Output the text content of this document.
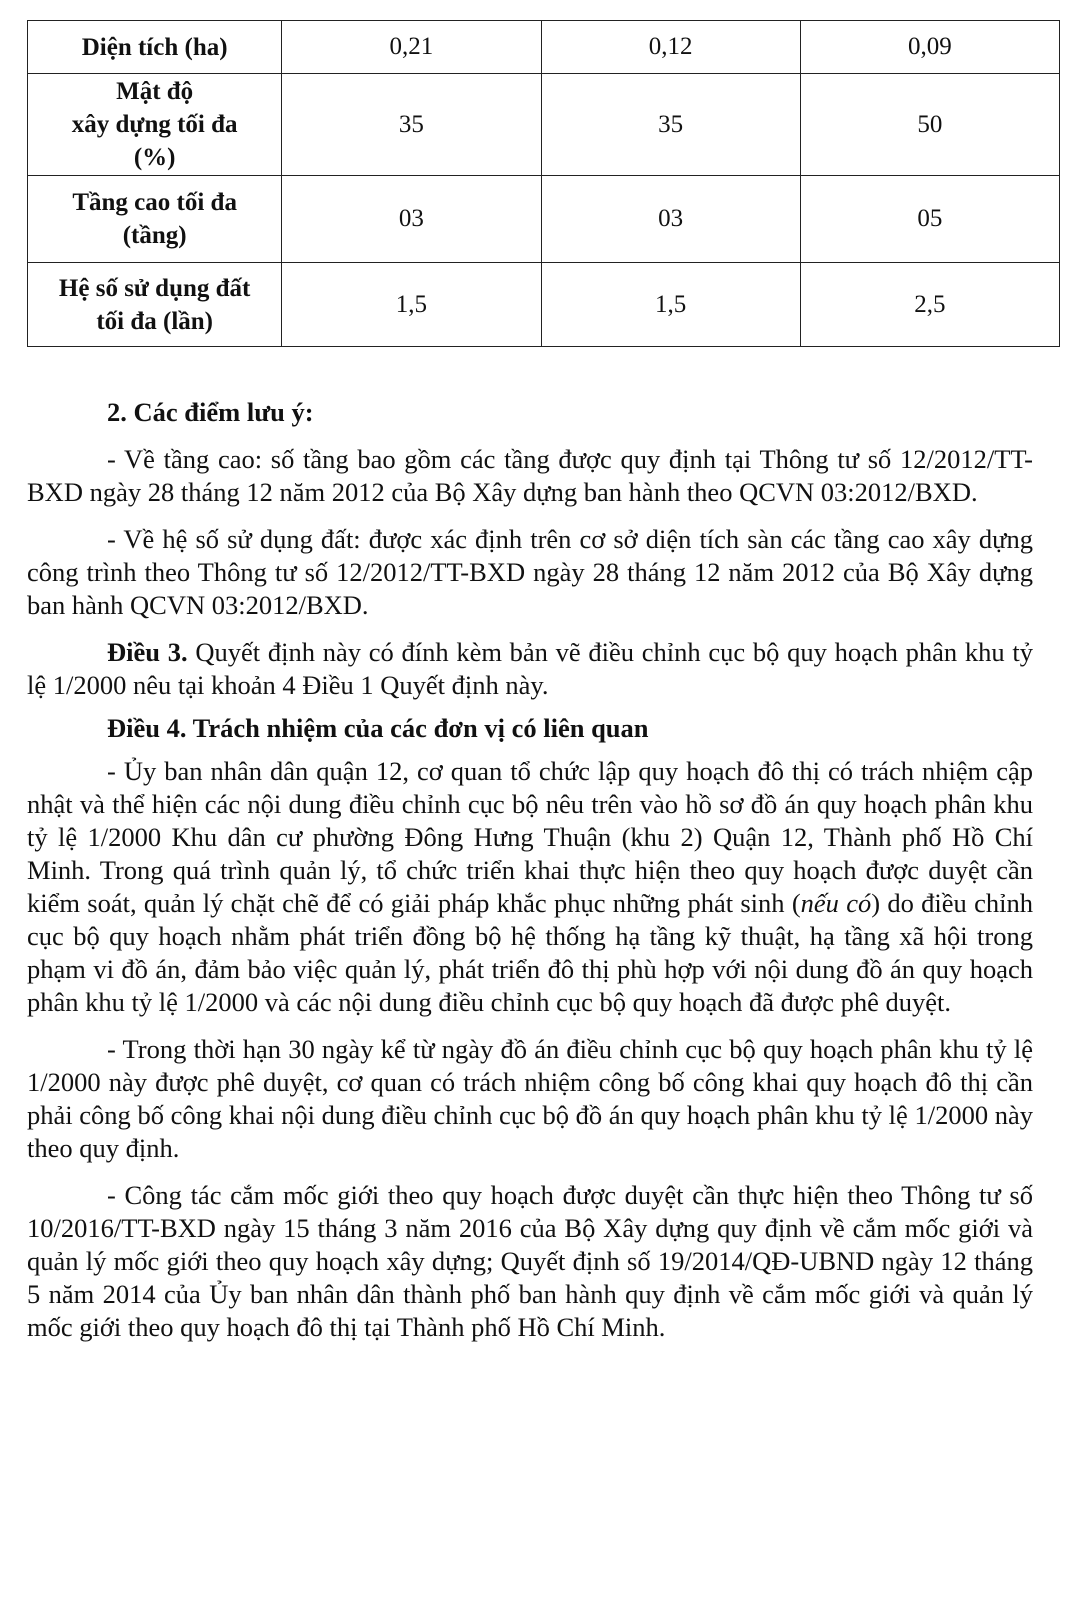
Diện tích (ha)	0,21	0,12	0,09

Mật độ
xây dựng tối đa
(%)	35	35	50

Tầng cao tối đa
(tầng)	03	03	05

Hệ số sử dụng đất
tối đa (lần)	1,5	1,5	2,5
2. Các điểm lưu ý:

- Về tầng cao: số tầng bao gồm các tầng được quy định tại Thông tư số 12/2012/TT-BXD ngày 28 tháng 12 năm 2012 của Bộ Xây dựng ban hành theo QCVN 03:2012/BXD.

- Về hệ số sử dụng đất: được xác định trên cơ sở diện tích sàn các tầng cao xây dựng công trình theo Thông tư số 12/2012/TT-BXD ngày 28 tháng 12 năm 2012 của Bộ Xây dựng ban hành QCVN 03:2012/BXD.

Điều 3. Quyết định này có đính kèm bản vẽ điều chỉnh cục bộ quy hoạch phân khu tỷ lệ 1/2000 nêu tại khoản 4 Điều 1 Quyết định này.

Điều 4. Trách nhiệm của các đơn vị có liên quan

- Ủy ban nhân dân quận 12, cơ quan tổ chức lập quy hoạch đô thị có trách nhiệm cập nhật và thể hiện các nội dung điều chỉnh cục bộ nêu trên vào hồ sơ đồ án quy hoạch phân khu tỷ lệ 1/2000 Khu dân cư phường Đông Hưng Thuận (khu 2) Quận 12, Thành phố Hồ Chí Minh. Trong quá trình quản lý, tổ chức triển khai thực hiện theo quy hoạch được duyệt cần kiểm soát, quản lý chặt chẽ để có giải pháp khắc phục những phát sinh (nếu có) do điều chỉnh cục bộ quy hoạch nhằm phát triển đồng bộ hệ thống hạ tầng kỹ thuật, hạ tầng xã hội trong phạm vi đồ án, đảm bảo việc quản lý, phát triển đô thị phù hợp với nội dung đồ án quy hoạch phân khu tỷ lệ 1/2000 và các nội dung điều chỉnh cục bộ quy hoạch đã được phê duyệt.

- Trong thời hạn 30 ngày kể từ ngày đồ án điều chỉnh cục bộ quy hoạch phân khu tỷ lệ 1/2000 này được phê duyệt, cơ quan có trách nhiệm công bố công khai quy hoạch đô thị cần phải công bố công khai nội dung điều chỉnh cục bộ đồ án quy hoạch phân khu tỷ lệ 1/2000 này theo quy định.

- Công tác cắm mốc giới theo quy hoạch được duyệt cần thực hiện theo Thông tư số 10/2016/TT-BXD ngày 15 tháng 3 năm 2016 của Bộ Xây dựng quy định về cắm mốc giới và quản lý mốc giới theo quy hoạch xây dựng; Quyết định số 19/2014/QĐ-UBND ngày 12 tháng 5 năm 2014 của Ủy ban nhân dân thành phố ban hành quy định về cắm mốc giới và quản lý mốc giới theo quy hoạch đô thị tại Thành phố Hồ Chí Minh.
